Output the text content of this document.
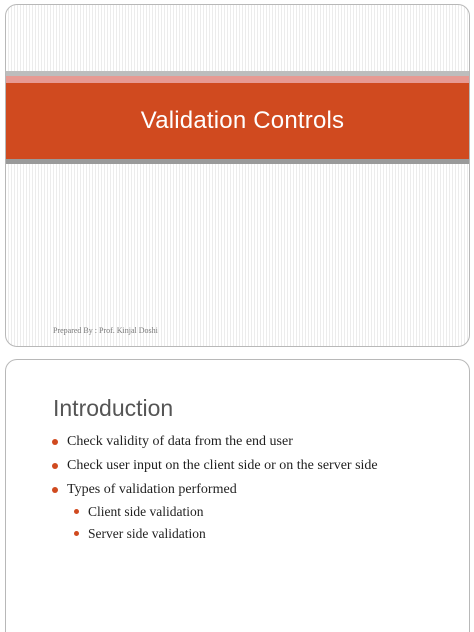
Validation Controls
Prepared By : Prof. Kinjal Doshi
Introduction
Check validity of data from the end user
Check user input on the client side or on the server side
Types of validation performed
Client side validation
Server side validation
